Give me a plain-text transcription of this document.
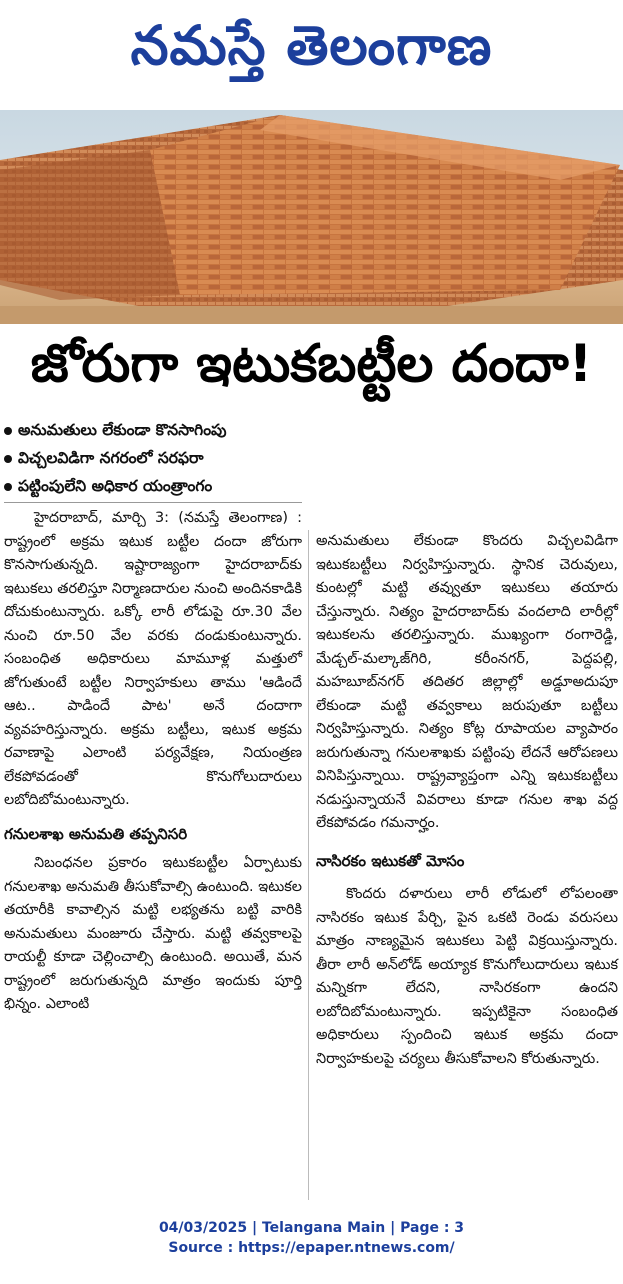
నమస్తే తెలంగాణ
జోరుగా ఇటుకబట్టీల దందా!
అనుమతులు లేకుండా కొనసాగింపు
విచ్చలవిడిగా నగరంలో సరఫరా
పట్టింపులేని అధికార యంత్రాంగం

హైదరాబాద్, మార్చి 3: (నమస్తే తెలంగాణ) : రాష్ట్రంలో అక్రమ ఇటుక బట్టీల దందా జోరుగా కొనసాగుతున్నది. ఇష్టారాజ్యంగా హైదరాబాద్‌కు ఇటుకలు తరలిస్తూ నిర్మాణదారుల నుంచి అందినకాడికి దోచుకుంటున్నారు. ఒక్కో లారీ లోడుపై రూ.30 వేల నుంచి రూ.50 వేల వరకు దండుకుంటున్నారు. సంబంధిత అధికారులు మామూళ్ల మత్తులో జోగుతుంటే బట్టీల నిర్వాహకులు తాము 'ఆడిందే ఆట.. పాడిందే పాట' అనే దందాగా వ్యవహరిస్తున్నారు. అక్రమ బట్టీలు, ఇటుక అక్రమ రవాణాపై ఎలాంటి పర్యవేక్షణ, నియంత్రణ లేకపోవడంతో కొనుగోలుదారులు లబోదిబోమంటున్నారు.

గనులశాఖ అనుమతి తప్పనిసరి

నిబంధనల ప్రకారం ఇటుకబట్టీల ఏర్పాటుకు గనులశాఖ అనుమతి తీసుకోవాల్సి ఉంటుంది. ఇటుకల తయారీకి కావాల్సిన మట్టి లభ్యతను బట్టి వారికి అనుమతులు మంజూరు చేస్తారు. మట్టి తవ్వకాలపై రాయల్టీ కూడా చెల్లించాల్సి ఉంటుంది. అయితే, మన రాష్ట్రంలో జరుగుతున్నది మాత్రం ఇందుకు పూర్తి భిన్నం. ఎలాంటి

అనుమతులు లేకుండా కొందరు విచ్చలవిడిగా ఇటుకబట్టీలు నిర్వహిస్తున్నారు. స్థానిక చెరువులు, కుంటల్లో మట్టి తవ్వుతూ ఇటుకలు తయారు చేస్తున్నారు. నిత్యం హైదరాబాద్‌కు వందలాది లారీల్లో ఇటుకలను తరలిస్తున్నారు. ముఖ్యంగా రంగారెడ్డి, మేడ్చల్-మల్కాజ్‌గిరి, కరీంనగర్, పెద్దపల్లి, మహబూబ్‌నగర్ తదితర జిల్లాల్లో అడ్డూఅదుపూ లేకుండా మట్టి తవ్వకాలు జరుపుతూ బట్టీలు నిర్వహిస్తున్నారు. నిత్యం కోట్ల రూపాయల వ్యాపారం జరుగుతున్నా గనులశాఖకు పట్టింపు లేదనే ఆరోపణలు వినిపిస్తున్నాయి. రాష్ట్రవ్యాప్తంగా ఎన్ని ఇటుకబట్టీలు నడుస్తున్నాయనే వివరాలు కూడా గనుల శాఖ వద్ద లేకపోవడం గమనార్హం.

నాసిరకం ఇటుకతో మోసం

కొందరు దళారులు లారీ లోడులో లోపలంతా నాసిరకం ఇటుక పేర్చి, పైన ఒకటి రెండు వరుసలు మాత్రం నాణ్యమైన ఇటుకలు పెట్టి విక్రయిస్తున్నారు. తీరా లారీ అన్‌లోడ్ అయ్యాక కొనుగోలుదారులు ఇటుక మన్నికగా లేదని, నాసిరకంగా ఉందని లబోదిబోమంటున్నారు. ఇప్పటికైనా సంబంధిత అధికారులు స్పందించి ఇటుక అక్రమ దందా నిర్వాహకులపై చర్యలు తీసుకోవాలని కోరుతున్నారు.

04/03/2025 | Telangana Main | Page : 3
Source : https://epaper.ntnews.com/
